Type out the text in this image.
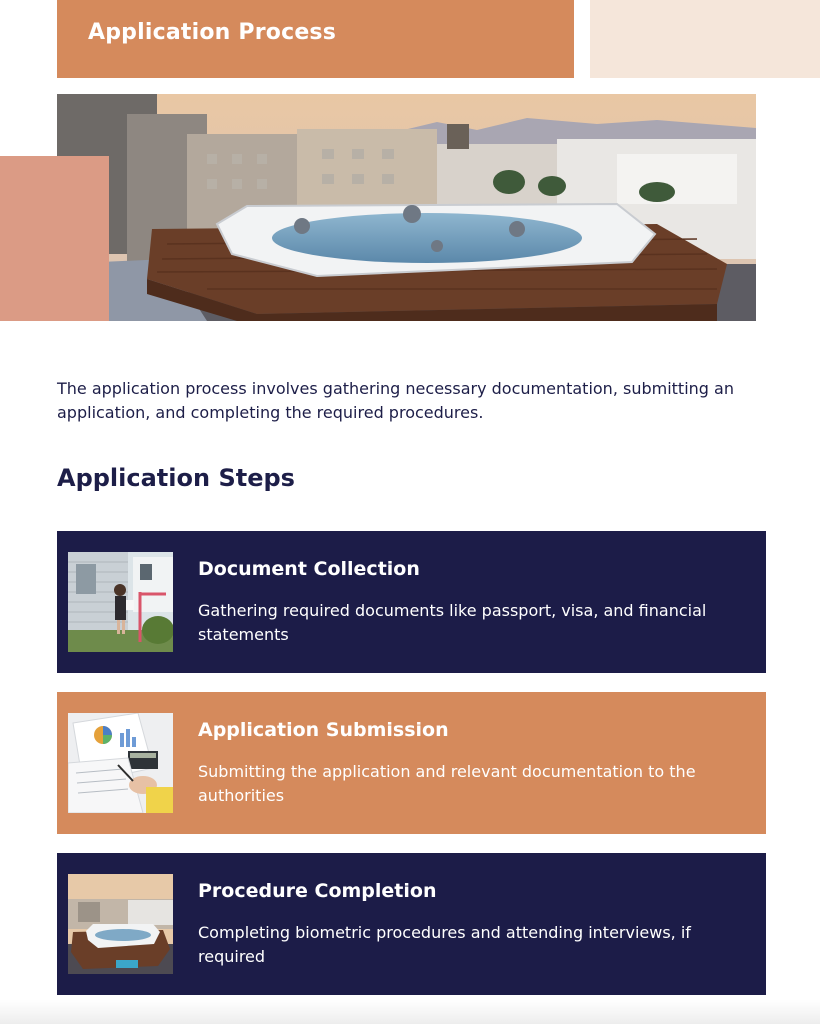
Application Process

The application process involves gathering necessary documentation, submitting an application, and completing the required procedures.

Application Steps
Document Collection
Gathering required documents like passport, visa, and financial statements
Application Submission
Submitting the application and relevant documentation to the authorities
Procedure Completion
Completing biometric procedures and attending interviews, if required
